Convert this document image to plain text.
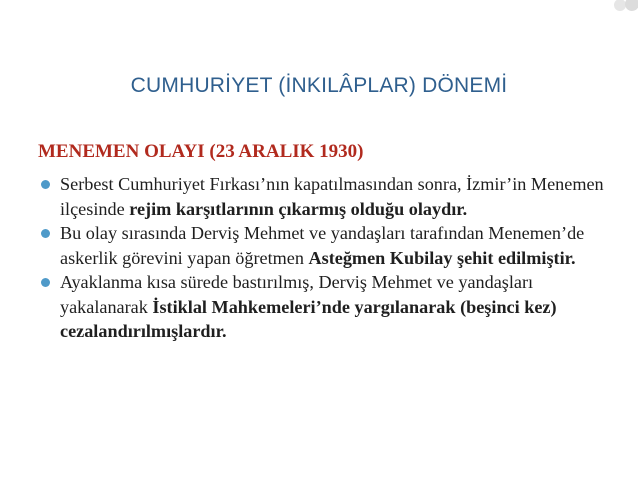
CUMHURİYET (İNKILÂPLAR) DÖNEMİ
MENEMEN OLAYI (23 ARALIK 1930)
Serbest Cumhuriyet Fırkası’nın kapatılmasından sonra, İzmir’in Menemen ilçesinde rejim karşıtlarının çıkarmış olduğu olaydır.
Bu olay sırasında Derviş Mehmet ve yandaşları tarafından Menemen’de askerlik görevini yapan öğretmen Asteğmen Kubilay şehit edilmiştir.
Ayaklanma kısa sürede bastırılmış, Derviş Mehmet ve yandaşları yakalanarak İstiklal Mahkemeleri’nde yargılanarak (beşinci kez) cezalandırılmışlardır.
